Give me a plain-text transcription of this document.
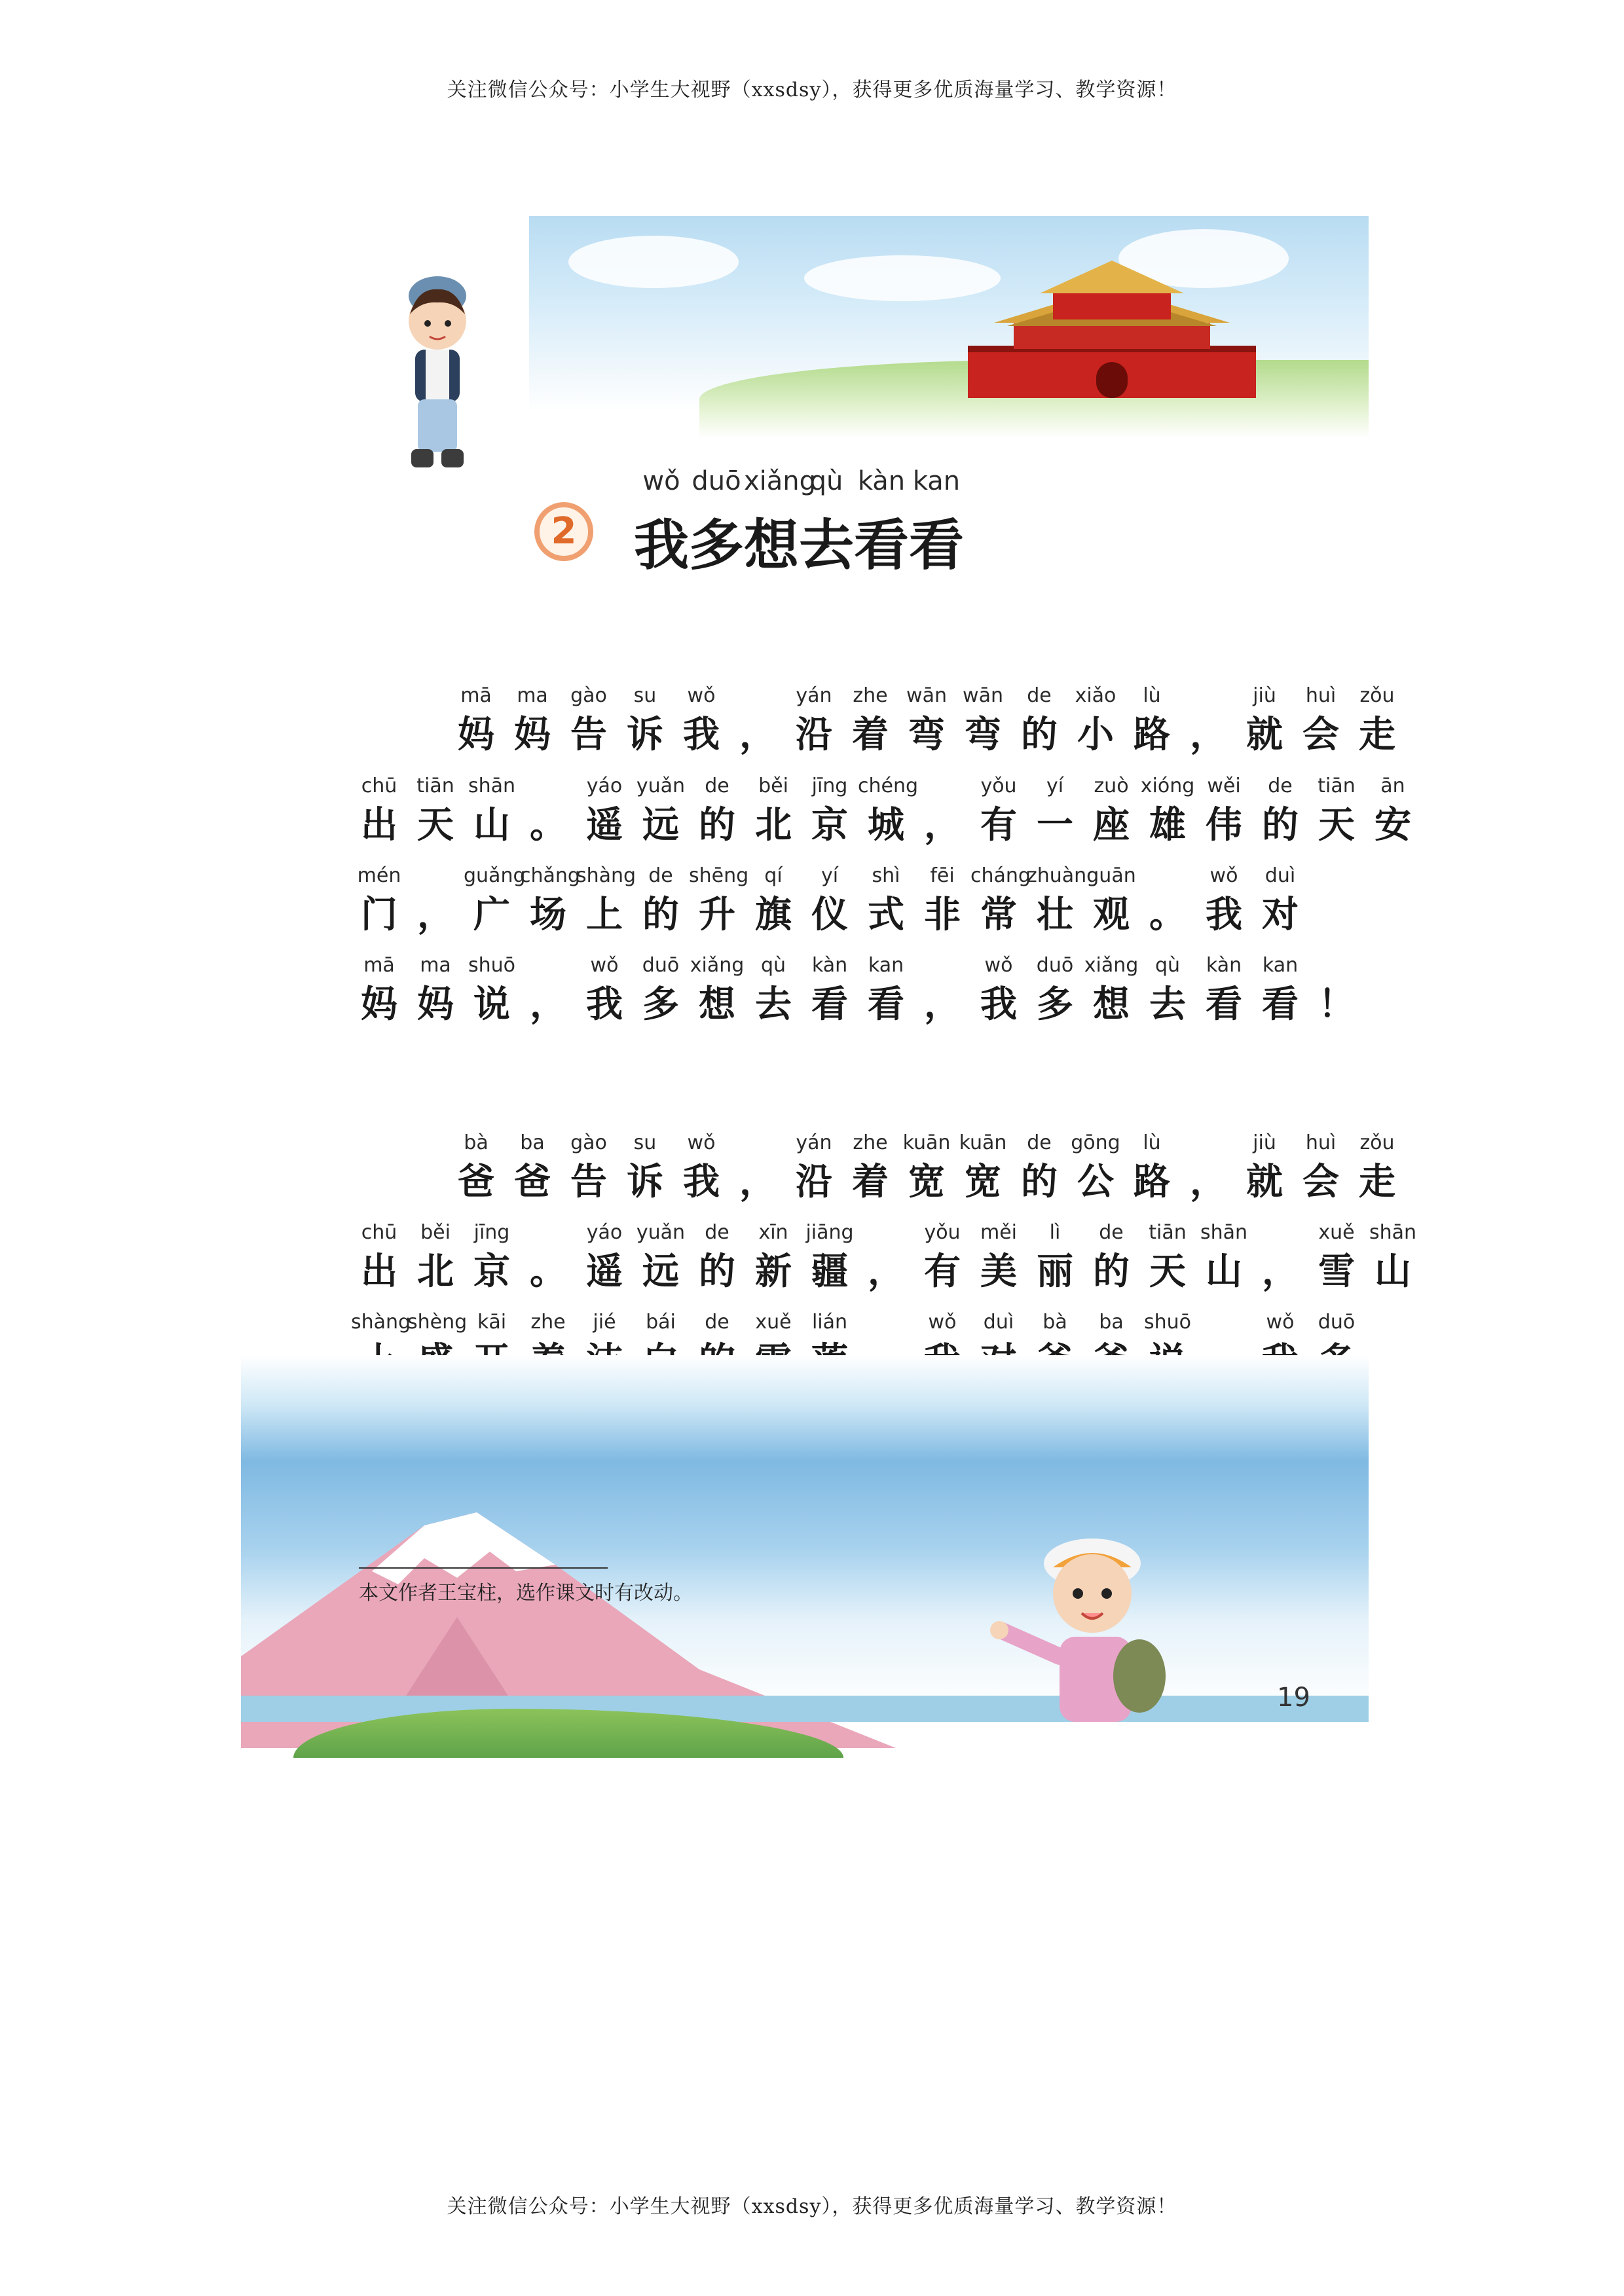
关注微信公众号：小学生大视野（xxsdsy），获得更多优质海量学习、教学资源！
2
wǒ
我
duō
多
xiǎng
想
qù
去
kàn
看
kan
看
mā
妈
ma
妈
gào
告
su
诉
wǒ
我 ，
yán
沿
zhe
着
wān
弯
wān
弯
de
的
xiǎo
小
lù
路 ，
jiù
就
huì
会
zǒu
走
chū
出
tiān
天
shān
山 。
yáo
遥
yuǎn
远
de
的
běi
北
jīng
京
chéng
城 ，
yǒu
有
yí
一
zuò
座
xióng
雄
wěi
伟
de
的
tiān
天
ān
安
mén
门 ，
guǎng
广
chǎng
场
shàng
上
de
的
shēng
升
qí
旗
yí
仪
shì
式
fēi
非
cháng
常
zhuàng
壮
guān
观 。
wǒ
我
duì
对
mā
妈
ma
妈
shuō
说 ，
wǒ
我
duō
多
xiǎng
想
qù
去
kàn
看
kan
看 ，
wǒ
我
duō
多
xiǎng
想
qù
去
kàn
看
kan
看 ！
bà
爸
ba
爸
gào
告
su
诉
wǒ
我 ，
yán
沿
zhe
着
kuān
宽
kuān
宽
de
的
gōng
公
lù
路 ，
jiù
就
huì
会
zǒu
走
chū
出
běi
北
jīng
京 。
yáo
遥
yuǎn
远
de
的
xīn
新
jiāng
疆 ，
yǒu
有
měi
美
lì
丽
de
的
tiān
天
shān
山 ，
xuě
雪
shān
山
shàng
shèng kāi	zhe	jié	bái	de	xuě	lián	wǒ	duì	bà	ba	shuō	wǒ	duō
本文作者王宝柱，选作课文时有改动。
19
关注微信公众号：小学生大视野（xxsdsy），获得更多优质海量学习、教学资源！
